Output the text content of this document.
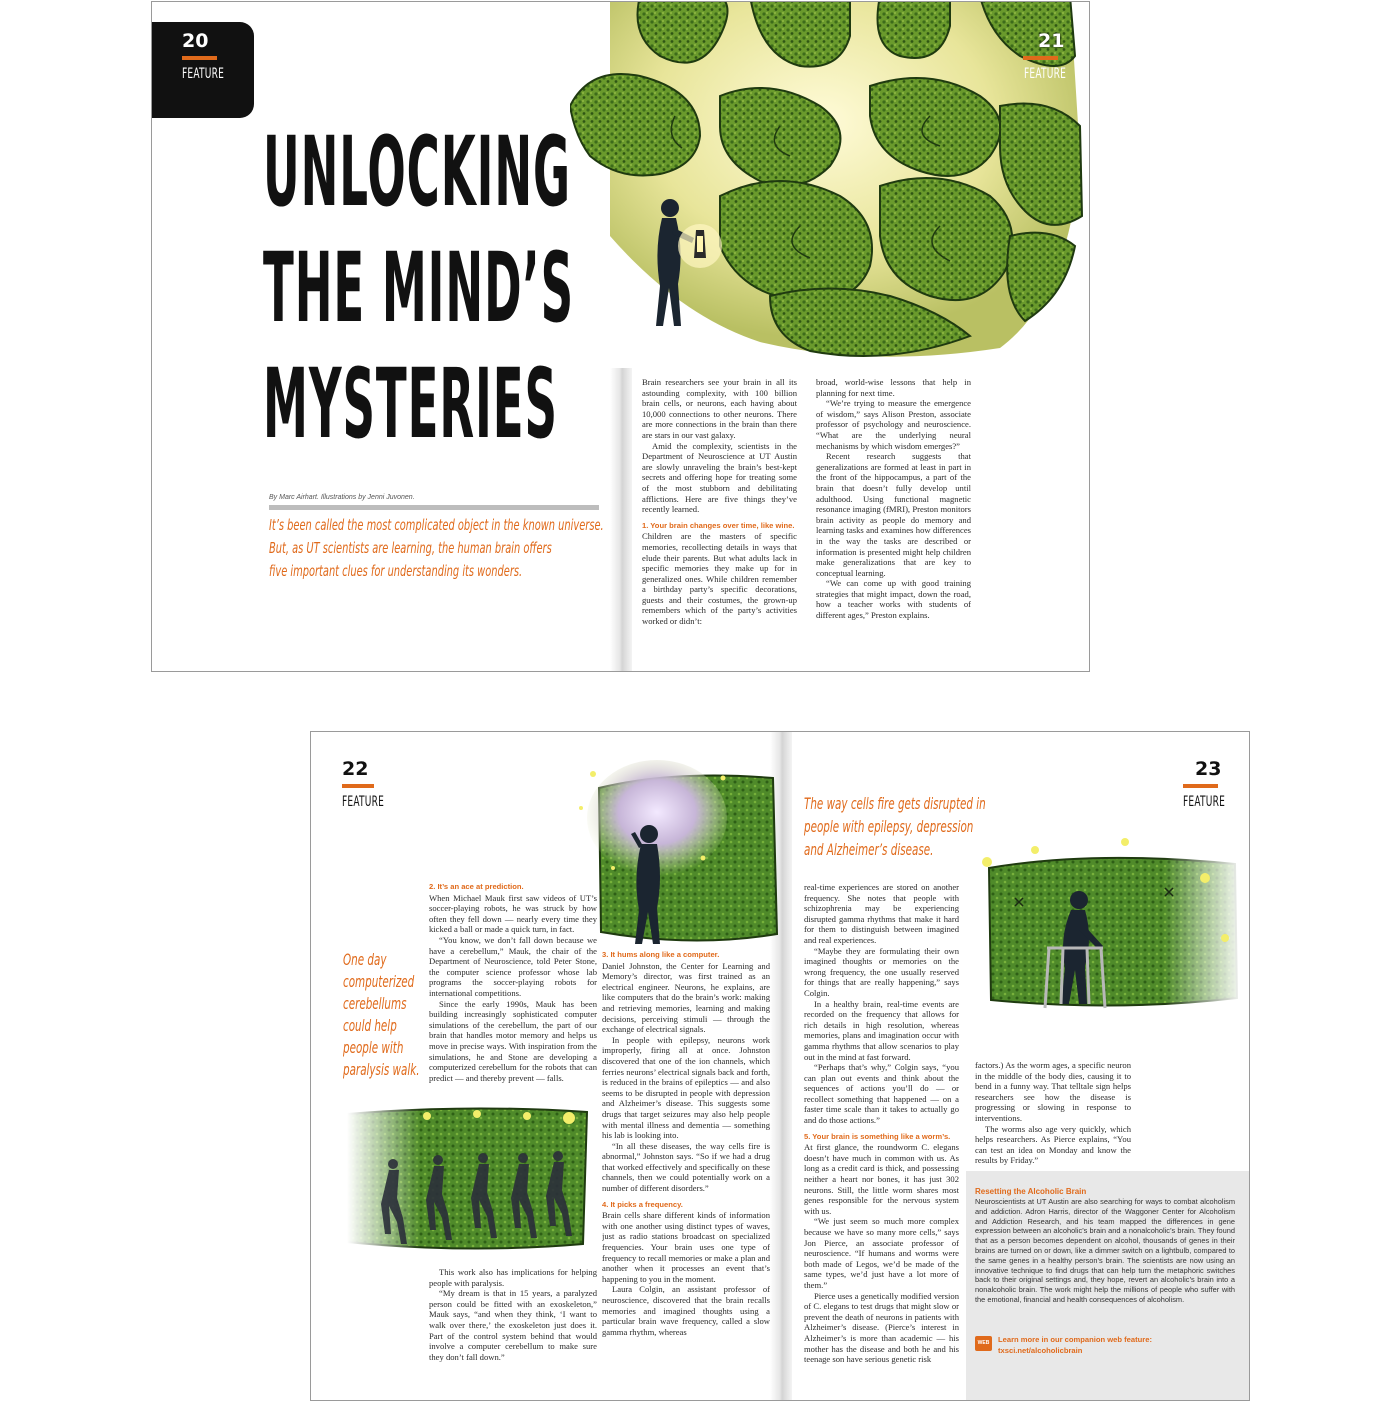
20
FEATURE
21
FEATURE
UNLOCKING
THE MIND’S
MYSTERIES
By Marc Airhart. Illustrations by Jenni Juvonen.
It’s been called the most complicated object in the known universe.
But, as UT scientists are learning, the human brain offers
five important clues for understanding its wonders.

Brain researchers see your brain in all its astounding complexity, with 100 billion brain cells, or neurons, each having about 10,000 connections to other neurons. There are more connections in the brain than there are stars in our vast galaxy.

Amid the complexity, scientists in the Department of Neuroscience at UT Austin are slowly unraveling the brain’s best-kept secrets and offering hope for treating some of the most stubborn and debilitating afflictions. Here are five things they’ve recently learned.

1. Your brain changes over time, like wine.

Children are the masters of specific memories, recollecting details in ways that elude their parents. But what adults lack in specific memories they make up for in generalized ones. While children remember a birthday party’s specific decorations, guests and their costumes, the grown-up remembers which of the party’s activities worked or didn’t:

broad, world-wise lessons that help in planning for next time.

“We’re trying to measure the emergence of wisdom,” says Alison Preston, associate professor of psychology and neuroscience. “What are the underlying neural mechanisms by which wisdom emerges?”

Recent research suggests that generalizations are formed at least in part in the front of the hippocampus, a part of the brain that doesn’t fully develop until adulthood. Using functional magnetic resonance imaging (fMRI), Preston monitors brain activity as people do memory and learning tasks and examines how differences in the way the tasks are described or information is presented might help children make generalizations that are key to conceptual learning.

“We can come up with good training strategies that might impact, down the road, how a teacher works with students of different ages,” Preston explains.

22
FEATURE
23
FEATURE
One day
computerized
cerebellums
could help
people with
paralysis walk.
The way cells fire gets disrupted in
people with epilepsy, depression
and Alzheimer’s disease.
2. It’s an ace at prediction.

When Michael Mauk first saw videos of UT’s soccer-playing robots, he was struck by how often they fell down — nearly every time they kicked a ball or made a quick turn, in fact.

“You know, we don’t fall down because we have a cerebellum,” Mauk, the chair of the Department of Neuroscience, told Peter Stone, the computer science professor whose lab programs the soccer-playing robots for international competitions.

Since the early 1990s, Mauk has been building increasingly sophisticated computer simulations of the cerebellum, the part of our brain that handles motor memory and helps us move in precise ways. With inspiration from the simulations, he and Stone are developing a computerized cerebellum for the robots that can predict — and thereby prevent — falls.

This work also has implications for helping people with paralysis.

“My dream is that in 15 years, a paralyzed person could be fitted with an exoskeleton,” Mauk says, “and when they think, ‘I want to walk over there,’ the exoskeleton just does it. Part of the control system behind that would involve a computer cerebellum to make sure they don’t fall down.”

3. It hums along like a computer.

Daniel Johnston, the Center for Learning and Memory’s director, was first trained as an electrical engineer. Neurons, he explains, are like computers that do the brain’s work: making and retrieving memories, learning and making decisions, perceiving stimuli — through the exchange of electrical signals.

In people with epilepsy, neurons work improperly, firing all at once. Johnston discovered that one of the ion channels, which ferries neurons’ electrical signals back and forth, is reduced in the brains of epileptics — and also seems to be disrupted in people with depression and Alzheimer’s disease. This suggests some drugs that target seizures may also help people with mental illness and dementia — something his lab is looking into.

“In all these diseases, the way cells fire is abnormal,” Johnston says. “So if we had a drug that worked effectively and specifically on these channels, then we could potentially work on a number of different disorders.”

4. It picks a frequency.

Brain cells share different kinds of information with one another using distinct types of waves, just as radio stations broadcast on specialized frequencies. Your brain uses one type of frequency to recall memories or make a plan and another when it processes an event that’s happening to you in the moment.

Laura Colgin, an assistant professor of neuroscience, discovered that the brain recalls memories and imagined thoughts using a particular brain wave frequency, called a slow gamma rhythm, whereas

real-time experiences are stored on another frequency. She notes that people with schizophrenia may be experiencing disrupted gamma rhythms that make it hard for them to distinguish between imagined and real experiences.

“Maybe they are formulating their own imagined thoughts or memories on the wrong frequency, the one usually reserved for things that are really happening,” says Colgin.

In a healthy brain, real-time events are recorded on the frequency that allows for rich details in high resolution, whereas memories, plans and imagination occur with gamma rhythms that allow scenarios to play out in the mind at fast forward.

“Perhaps that’s why,” Colgin says, “you can plan out events and think about the sequences of actions you’ll do — or recollect something that happened — on a faster time scale than it takes to actually go and do those actions.”

5. Your brain is something like a worm’s.

At first glance, the roundworm C. elegans doesn’t have much in common with us. As long as a credit card is thick, and possessing neither a heart nor bones, it has just 302 neurons. Still, the little worm shares most genes responsible for the nervous system with us.

“We just seem so much more complex because we have so many more cells,” says Jon Pierce, an associate professor of neuroscience. “If humans and worms were both made of Legos, we’d be made of the same types, we’d just have a lot more of them.”

Pierce uses a genetically modified version of C. elegans to test drugs that might slow or prevent the death of neurons in patients with Alzheimer’s disease. (Pierce’s interest in Alzheimer’s is more than academic — his mother has the disease and both he and his teenage son have serious genetic risk

factors.) As the worm ages, a specific neuron in the middle of the body dies, causing it to bend in a funny way. That telltale sign helps researchers see how the disease is progressing or slowing in response to interventions.

The worms also age very quickly, which helps researchers. As Pierce explains, “You can test an idea on Monday and know the results by Friday.”

Resetting the Alcoholic Brain
Neuroscientists at UT Austin are also searching for ways to combat alcoholism and addiction. Adron Harris, director of the Waggoner Center for Alcoholism and Addiction Research, and his team mapped the differences in gene expression between an alcoholic’s brain and a nonalcoholic’s brain. They found that as a person becomes dependent on alcohol, thousands of genes in their brains are turned on or down, like a dimmer switch on a lightbulb, compared to the same genes in a healthy person’s brain. The scientists are now using an innovative technique to find drugs that can help turn the metaphoric switches back to their original settings and, they hope, revert an alcoholic’s brain into a nonalcoholic brain. The work might help the millions of people who suffer with the emotional, financial and health consequences of alcoholism.
WEB	Learn more in our companion web feature:
txsci.net/alcoholicbrain
